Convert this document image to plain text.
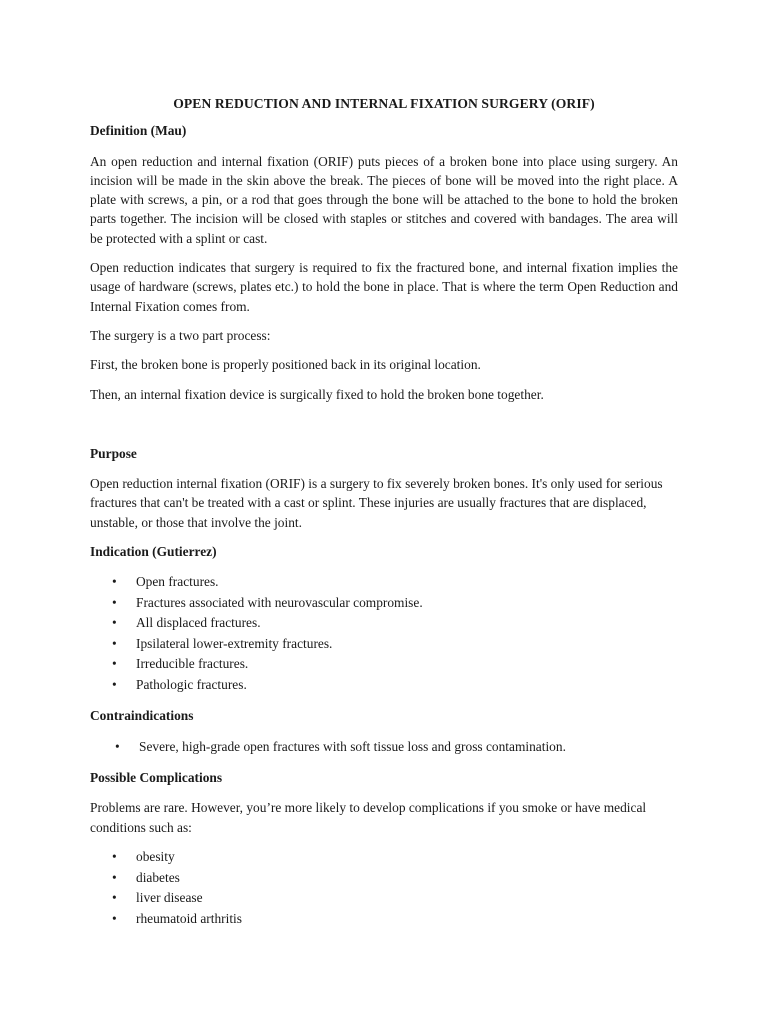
OPEN REDUCTION AND INTERNAL FIXATION SURGERY (ORIF)
Definition (Mau)

An open reduction and internal fixation (ORIF) puts pieces of a broken bone into place using surgery. An incision will be made in the skin above the break. The pieces of bone will be moved into the right place. A plate with screws, a pin, or a rod that goes through the bone will be attached to the bone to hold the broken parts together. The incision will be closed with staples or stitches and covered with bandages. The area will be protected with a splint or cast.

Open reduction indicates that surgery is required to fix the fractured bone, and internal fixation implies the usage of hardware (screws, plates etc.) to hold the bone in place. That is where the term Open Reduction and Internal Fixation comes from.

The surgery is a two part process:

First, the broken bone is properly positioned back in its original location.

Then, an internal fixation device is surgically fixed to hold the broken bone together.

Purpose

Open reduction internal fixation (ORIF) is a surgery to fix severely broken bones. It's only used for serious fractures that can't be treated with a cast or splint. These injuries are usually fractures that are displaced, unstable, or those that involve the joint.

Indication (Gutierrez)
• Open fractures.
• Fractures associated with neurovascular compromise.
• All displaced fractures.
• Ipsilateral lower-extremity fractures.
• Irreducible fractures.
• Pathologic fractures.
Contraindications
• Severe, high-grade open fractures with soft tissue loss and gross contamination.
Possible Complications

Problems are rare. However, you’re more likely to develop complications if you smoke or have medical conditions such as:

• obesity
• diabetes
• liver disease
• rheumatoid arthritis
